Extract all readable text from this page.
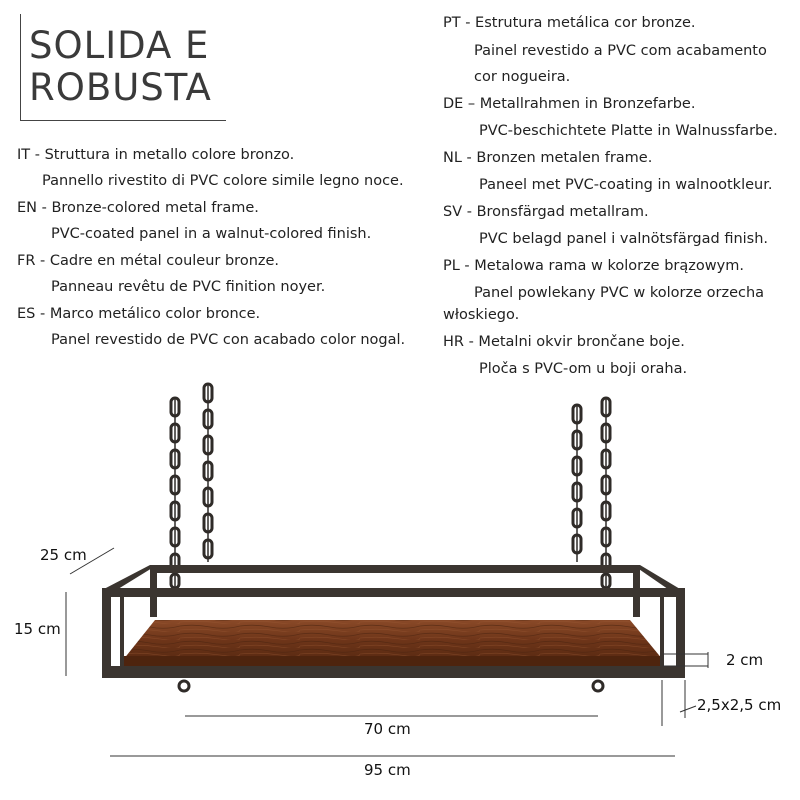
SOLIDA E
ROBUSTA
IT - Struttura in metallo colore bronzo.
Pannello rivestito di PVC colore simile legno noce.
EN - Bronze-colored metal frame.
PVC-coated panel in a walnut-colored finish.
FR - Cadre en métal couleur bronze.
Panneau revêtu de PVC finition noyer.
ES - Marco metálico color bronce.
Panel revestido de PVC con acabado color nogal.
PT - Estrutura metálica cor bronze.
Painel revestido a PVC com acabamento
cor nogueira.
DE – Metallrahmen in Bronzefarbe.
PVC-beschichtete Platte in Walnussfarbe.
NL - Bronzen metalen frame.
Paneel met PVC-coating in walnootkleur.
SV - Bronsfärgad metallram.
PVC belagd panel i valnötsfärgad finish.
PL - Metalowa rama w kolorze brązowym.
Panel powlekany PVC w kolorze orzecha
włoskiego.
HR - Metalni okvir brončane boje.
Ploča s PVC-om u boji oraha.
25 cm
15 cm
2 cm
2,5x2,5 cm
70 cm
95 cm
